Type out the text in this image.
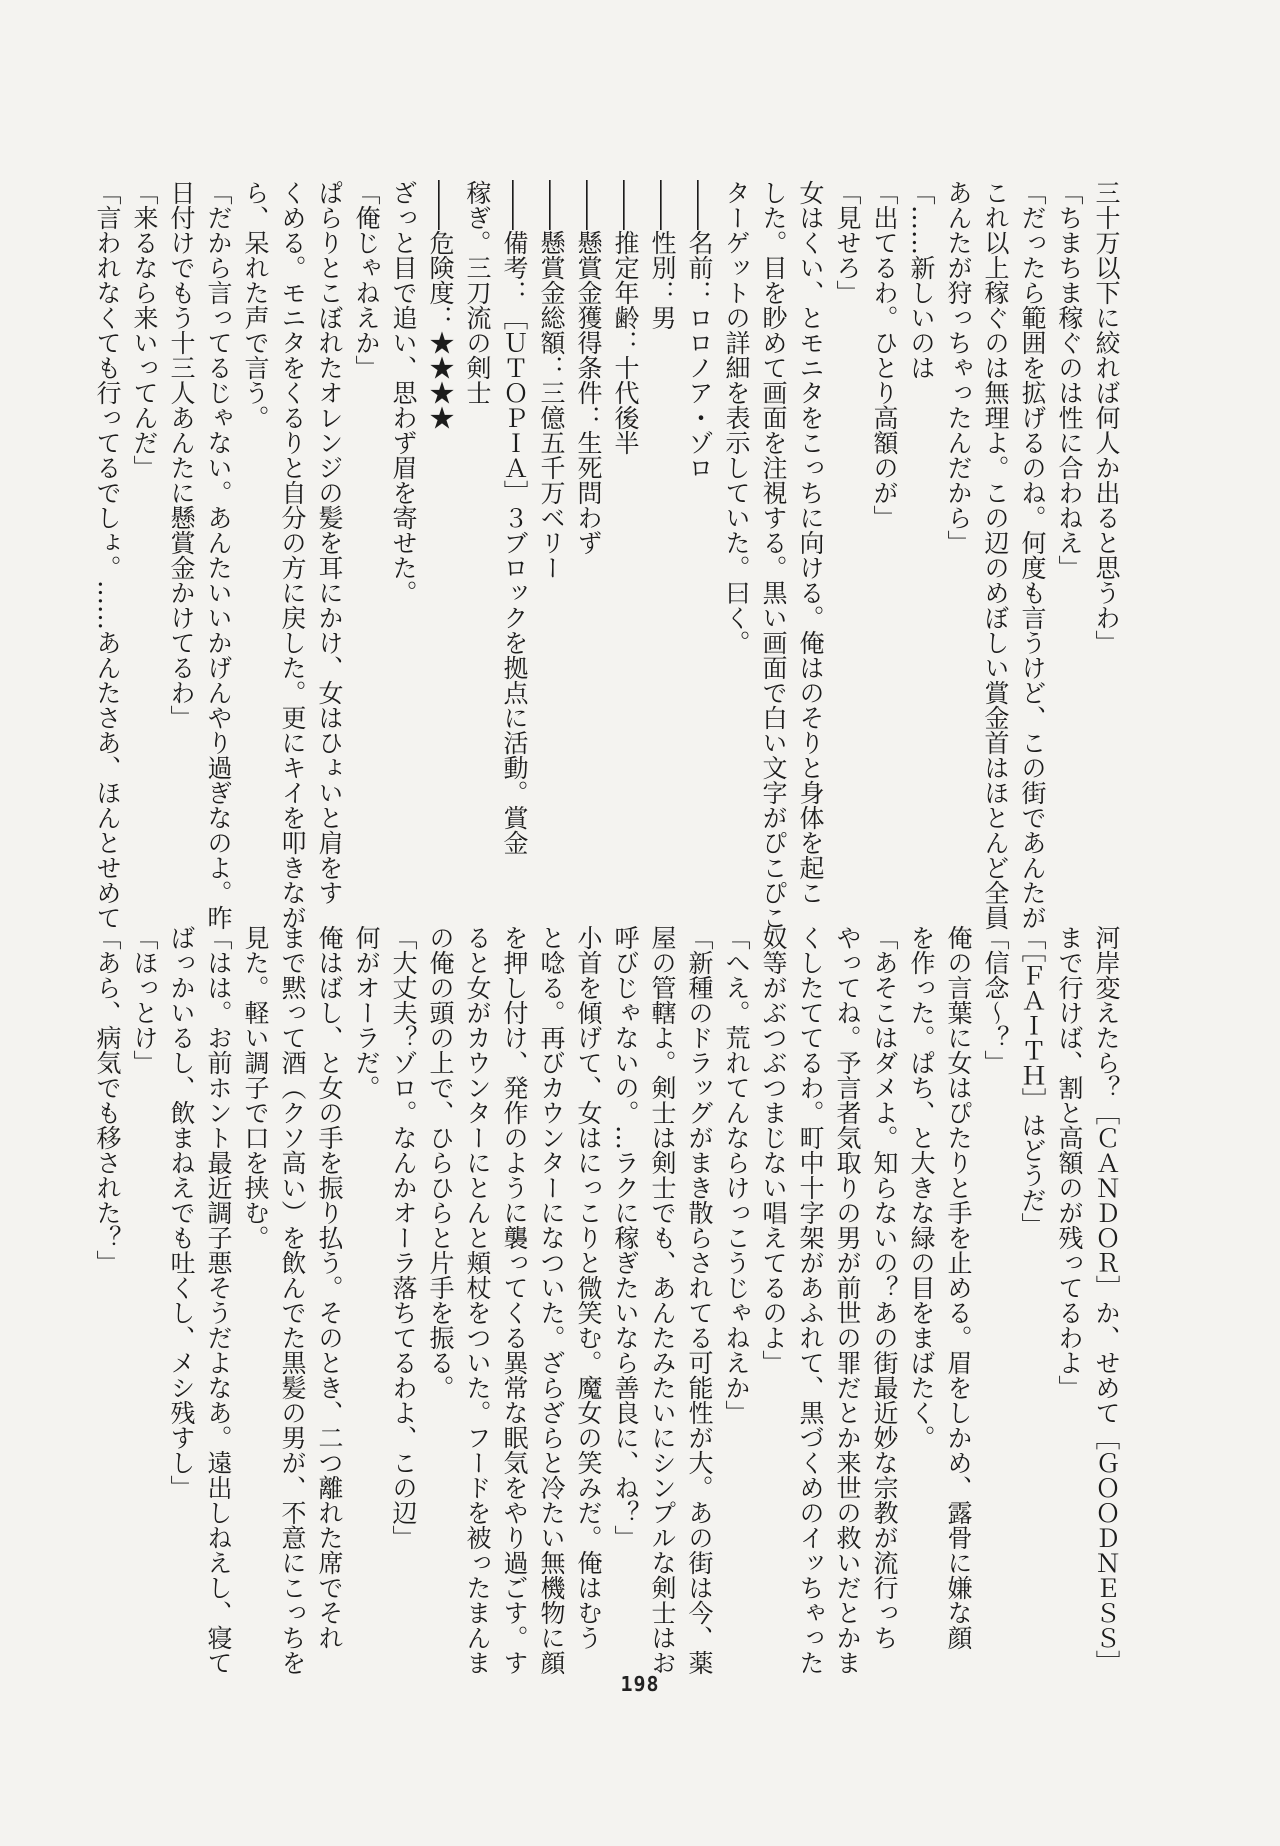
三十万以下に絞れば何人か出ると思うわ」

「ちまちま稼ぐのは性に合わねえ」

「だったら範囲を拡げるのね。何度も言うけど、この街であんたが

これ以上稼ぐのは無理よ。この辺のめぼしい賞金首はほとんど全員

あんたが狩っちゃったんだから」

「……新しいのは

「出てるわ。ひとり高額のが」

「見せろ」

女はくい、とモニタをこっちに向ける。俺はのそりと身体を起こ

した。目を眇めて画面を注視する。黒い画面で白い文字がぴこぴこ

ターゲットの詳細を表示していた。曰く。

――名前：ロロノア・ゾロ

――性別：男

――推定年齢：十代後半

――懸賞金獲得条件：生死問わず

――懸賞金総額：三億五千万ベリー

――備考：［ＵＴＯＰＩＡ］３ブロックを拠点に活動。賞金

稼ぎ。三刀流の剣士

――危険度：★★★★

ざっと目で追い、思わず眉を寄せた。

「俺じゃねえか」

ぱらりとこぼれたオレンジの髪を耳にかけ、女はひょいと肩をす

くめる。モニタをくるりと自分の方に戻した。更にキイを叩きなが

ら、呆れた声で言う。

「だから言ってるじゃない。あんたいいかげんやり過ぎなのよ。昨

日付けでもう十三人あんたに懸賞金かけてるわ」

「来るなら来いってんだ」

「言われなくても行ってるでしょ。……あんたさあ、ほんとせめて

河岸変えたら？［ＣＡＮＤＯＲ］か、せめて［ＧＯＯＤＮＥＳＳ］

まで行けば、割と高額のが残ってるわよ」

「［ＦＡＩＴＨ］はどうだ」

「信念～？」

俺の言葉に女はぴたりと手を止める。眉をしかめ、露骨に嫌な顔

を作った。ぱち、と大きな緑の目をまばたく。

「あそこはダメよ。知らないの？あの街最近妙な宗教が流行っち

やってね。予言者気取りの男が前世の罪だとか来世の救いだとかま

くしたててるわ。町中十字架があふれて、黒づくめのイッちゃった

奴等がぶつぶつまじない唱えてるのよ」

「へえ。荒れてんならけっこうじゃねえか」

「新種のドラッグがまき散らされてる可能性が大。あの街は今、薬

屋の管轄よ。剣士は剣士でも、あんたみたいにシンプルな剣士はお

呼びじゃないの。…ラクに稼ぎたいなら善良に、ね？」

小首を傾げて、女はにっこりと微笑む。魔女の笑みだ。俺はむう

と唸る。再びカウンターになついた。ざらざらと冷たい無機物に顔

を押し付け、発作のように襲ってくる異常な眠気をやり過ごす。す

ると女がカウンターにとんと頬杖をついた。フードを被ったまんま

の俺の頭の上で、ひらひらと片手を振る。

「大丈夫？ゾロ。なんかオーラ落ちてるわよ、この辺」

何がオーラだ。

俺はばし、と女の手を振り払う。そのとき、二つ離れた席でそれ

まで黙って酒（クソ高い）を飲んでた黒髪の男が、不意にこっちを

見た。軽い調子で口を挟む。

「はは。お前ホント最近調子悪そうだよなあ。遠出しねえし、寝て

ばっかいるし、飲まねえでも吐くし、メシ残すし」

「ほっとけ」

「あら、病気でも移された？」

198
